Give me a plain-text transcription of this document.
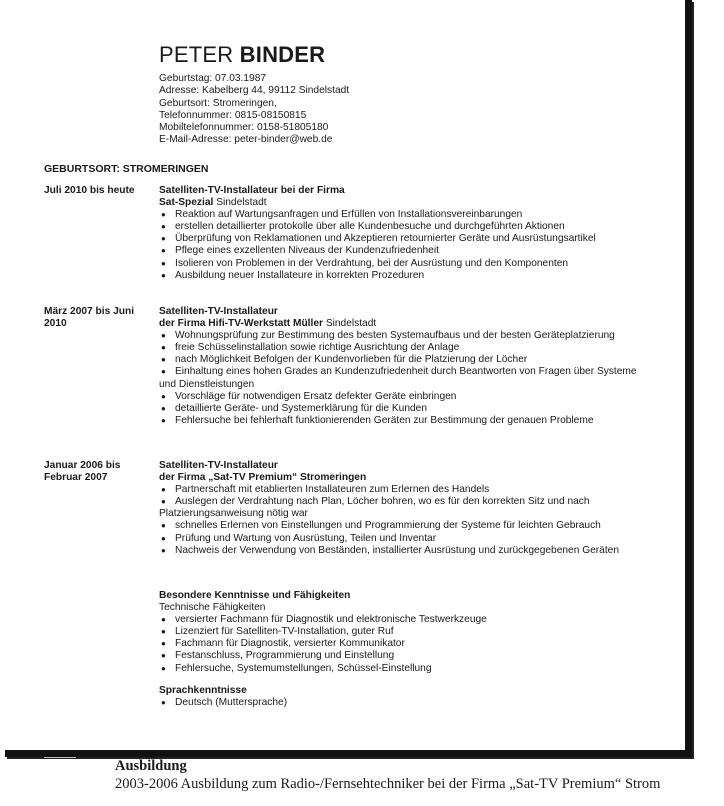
PETER BINDER
Geburtstag: 07.03.1987
Adresse: Kabelberg 44, 99112 Sindelstadt
Geburtsort: Stromeringen,
Telefonnummer: 0815-08150815
Mobiltelefonnummer: 0158-51805180
E-Mail-Adresse: peter-binder@web.de
GEBURTSORT: STROMERINGEN
Juli 2010 bis heute	Satelliten-TV-Installateur bei der Firma
Sat-Spezial Sindelstadt
● Reaktion auf Wartungsanfragen und Erfüllen von Installationsvereinbarungen
● erstellen detaillierter protokolle über alle Kundenbesuche und durchgeführten Aktionen
● Überprüfung von Reklamationen und Akzeptieren retournierter Geräte und Ausrüstungsartikel
● Pflege eines exzellenten Niveaus der Kundenzufriedenheit
● Isolieren von Problemen in der Verdrahtung, bei der Ausrüstung und den Komponenten
● Ausbildung neuer Installateure in korrekten Prozeduren
März 2007 bis Juni 2010
Satelliten-TV-Installateur
der Firma Hifi-TV-Werkstatt Müller Sindelstadt
● Wohnungsprüfung zur Bestimmung des besten Systemaufbaus und der besten Geräteplatzierung
● freie Schüsselinstallation sowie richtige Ausrichtung der Anlage
● nach Möglichkeit Befolgen der Kundenvorlieben für die Platzierung der Löcher
● Einhaltung eines hohen Grades an Kundenzufriedenheit durch Beantworten von Fragen über Systeme und Dienstleistungen
● Vorschläge für notwendigen Ersatz defekter Geräte einbringen
● detaillierte Geräte- und Systemerklärung für die Kunden
● Fehlersuche bei fehlerhaft funktionierenden Geräten zur Bestimmung der genauen Probleme
Januar 2006 bis Februar 2007
Satelliten-TV-Installateur
der Firma „Sat-TV Premium“ Stromeringen
● Partnerschaft mit etablierten Installateuren zum Erlernen des Handels
● Auslegen der Verdrahtung nach Plan, Löcher bohren, wo es für den korrekten Sitz und nach Platzierungsanweisung nötig war
● schnelles Erlernen von Einstellungen und Programmierung der Systeme für leichten Gebrauch
● Prüfung und Wartung von Ausrüstung, Teilen und Inventar
● Nachweis der Verwendung von Beständen, installierter Ausrüstung und zurückgegebenen Geräten
Besondere Kenntnisse und Fähigkeiten
Technische Fähigkeiten
● versierter Fachmann für Diagnostik und elektronische Testwerkzeuge
● Lizenziert für Satelliten-TV-Installation, guter Ruf
● Fachmann für Diagnostik, versierter Kommunikator
● Festanschluss, Programmierung und Einstellung
● Fehlersuche, Systemumstellungen, Schüssel-Einstellung
Sprachkenntnisse
● Deutsch (Muttersprache)
Ausbildung
2003-2006 Ausbildung zum Radio-/Fernsehtechniker bei der Firma „Sat-TV Premium“ Strom
